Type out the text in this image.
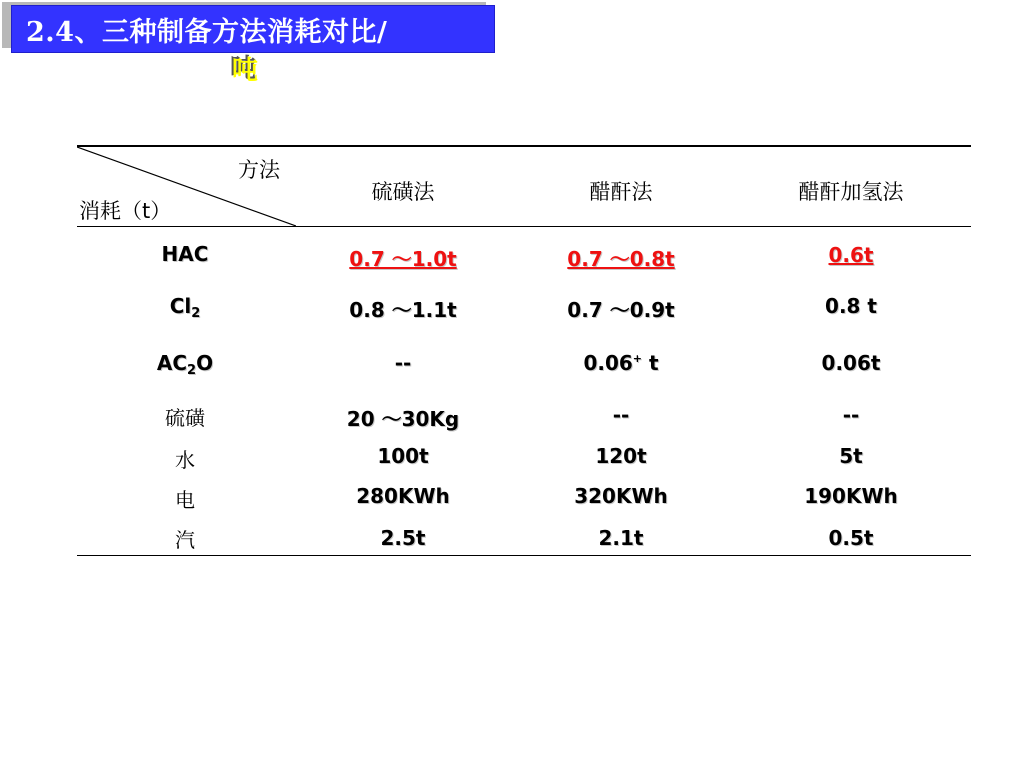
2.4、三种制备方法消耗对比/
吨
方法
消耗（t）
硫磺法	醋酐法	醋酐加氢法
HAC	0.7 ～1.0t	0.7 ～0.8t	0.6t
$Cl_2$	0.8 ～1.1t	0.7 ～0.9t	0.8 t
$AC_2O$	--	0.06+ t	0.06t
硫磺	20 ～30Kg	--	--
水	100t	120t	5t
电	280KWh	320KWh	190KWh
汽	2.5t	2.1t	0.5t
